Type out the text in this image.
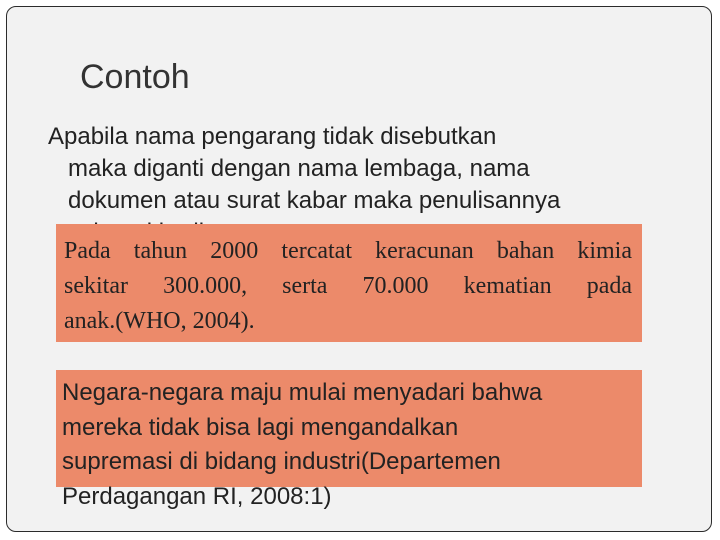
Contoh
Apabila nama pengarang tidak disebutkan
maka diganti dengan nama lembaga, nama
dokumen atau surat kabar maka penulisannya
Pada tahun 2000 tercatat keracunan bahan kimia
sekitar 300.000, serta 70.000 kematian pada
anak.(WHO, 2004).
Negara-negara maju mulai menyadari bahwa
mereka tidak bisa lagi mengandalkan
supremasi di bidang industri(Departemen
Perdagangan RI, 2008:1)
